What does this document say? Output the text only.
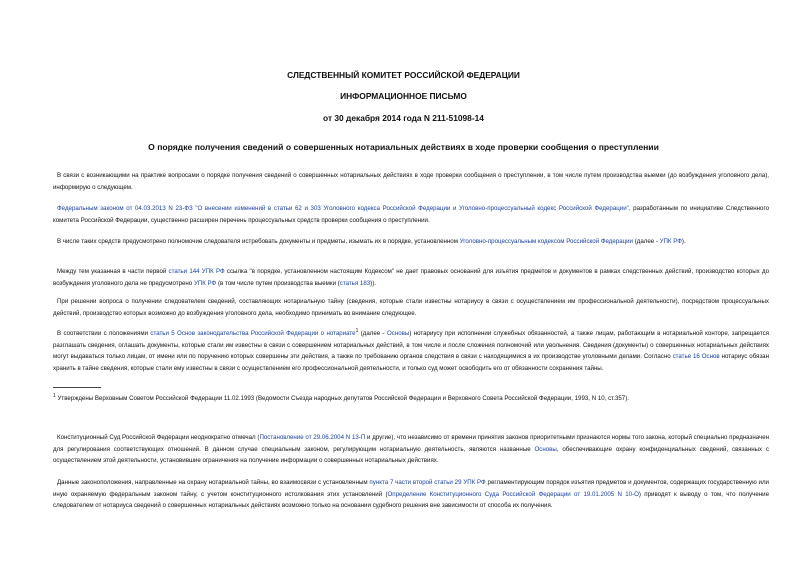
СЛЕДСТВЕННЫЙ КОМИТЕТ РОССИЙСКОЙ ФЕДЕРАЦИИ
ИНФОРМАЦИОННОЕ ПИСЬМО
от 30 декабря 2014 года N 211-51098-14
О порядке получения сведений о совершенных нотариальных действиях в ходе проверки сообщения о преступлении
В связи с возникающими на практике вопросами о порядке получения сведений о совершенных нотариальных действиях в ходе проверки сообщения о преступлении, в том числе путем производства выемки (до возбуждения уголовного дела), информирую о следующем.
Федеральным законом от 04.03.2013 N 23-ФЗ "О внесении изменений в статьи 62 и 303 Уголовного кодекса Российской Федерации и Уголовно-процессуальный кодекс Российской Федерации", разработанным по инициативе Следственного комитета Российской Федерации, существенно расширен перечень процессуальных средств проверки сообщения о преступлении.
В числе таких средств предусмотрено полномочие следователя истребовать документы и предметы, изымать их в порядке, установленном Уголовно-процессуальным кодексом Российской Федерации (далее - УПК РФ).
Между тем указанная в части первой статьи 144 УПК РФ ссылка "в порядке, установленном настоящим Кодексом" не дает правовых оснований для изъятия предметов и документов в рамках следственных действий, производство которых до возбуждения уголовного дела не предусмотрено УПК РФ (в том числе путем производства выемки (статья 183)).
При решении вопроса о получении следователем сведений, составляющих нотариальную тайну (сведения, которые стали известны нотариусу в связи с осуществлением им профессиональной деятельности), посредством процессуальных действий, производство которых возможно до возбуждения уголовного дела, необходимо принимать во внимание следующее.
В соответствии с положениями статьи 5 Основ законодательства Российской Федерации о нотариате$^1$ (далее - Основы) нотариусу при исполнении служебных обязанностей, а также лицам, работающим в нотариальной конторе, запрещается разглашать сведения, оглашать документы, которые стали им известны в связи с совершением нотариальных действий, в том числе и после сложения полномочий или увольнения. Сведения (документы) о совершенных нотариальных действиях могут выдаваться только лицам, от имени или по поручению которых совершены эти действия, а также по требованию органов следствия в связи с находящимися в их производстве уголовными делами. Согласно статье 16 Основ нотариус обязан хранить в тайне сведения, которые стали ему известны в связи с осуществлением его профессиональной деятельности, и только суд может освободить его от обязанности сохранения тайны.
$^1$ Утверждены Верховным Советом Российской Федерации 11.02.1993 (Ведомости Съезда народных депутатов Российской Федерации и Верховного Совета Российской Федерации, 1993, N 10, ст.357).
Конституционный Суд Российской Федерации неоднократно отмечал (Постановление от 29.06.2004 N 13-П и другие), что независимо от времени принятия законов приоритетными признаются нормы того закона, который специально предназначен для регулирования соответствующих отношений. В данном случае специальным законом, регулирующим нотариальную деятельность, являются названные Основы, обеспечивающие охрану конфиденциальных сведений, связанных с осуществлением этой деятельности, установившие ограничения на получение информации о совершенных нотариальных действиях.
Данные законоположения, направленные на охрану нотариальной тайны, во взаимосвязи с установленным пункта 7 части второй статьи 29 УПК РФ регламентирующим порядок изъятия предметов и документов, содержащих государственную или иную охраняемую федеральным законом тайну, с учетом конституционного истолкования этих установлений (Определение Конституционного Суда Российской Федерации от 19.01.2005 N 10-О) приводят к выводу о том, что получение следователем от нотариуса сведений о совершенных нотариальных действиях возможно только на основании судебного решения вне зависимости от способа их получения.
